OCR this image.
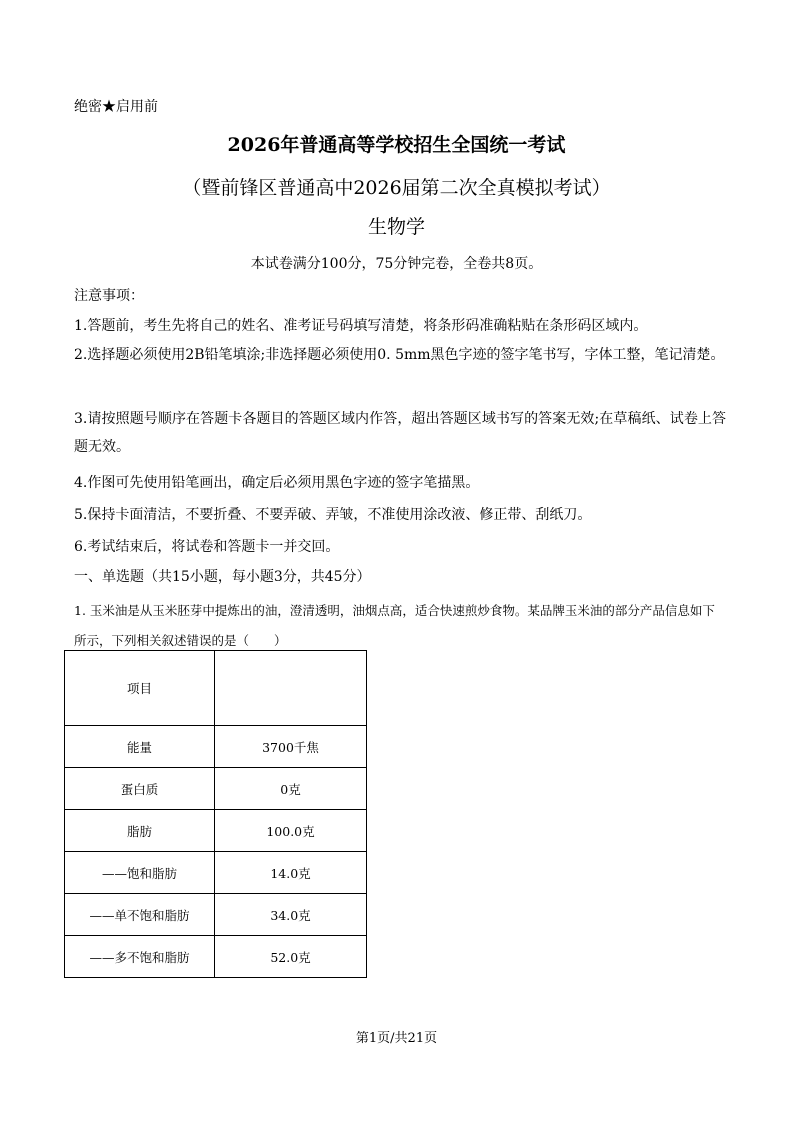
绝密★启用前
2026年普通高等学校招生全国统一考试
（暨前锋区普通高中2026届第二次全真模拟考试）
生物学
本试卷满分100分，75分钟完卷，全卷共8页。
注意事项：
1.答题前，考生先将自己的姓名、准考证号码填写清楚，将条形码准确粘贴在条形码区域内。
2.选择题必须使用2B铅笔填涂;非选择题必须使用0. 5mm黑色字迹的签字笔书写，字体工整，笔记清楚。
3.请按照题号顺序在答题卡各题目的答题区域内作答，超出答题区域书写的答案无效;在草稿纸、试卷上答题无效。
4.作图可先使用铅笔画出，确定后必须用黑色字迹的签字笔描黑。
5.保持卡面清洁，不要折叠、不要弄破、弄皱，不准使用涂改液、修正带、刮纸刀。
6.考试结束后，将试卷和答题卡一并交回。
一、单选题（共15小题，每小题3分，共45分）
1. 玉米油是从玉米胚芽中提炼出的油，澄清透明，油烟点高，适合快速煎炒食物。某品牌玉米油的部分产品信息如下所示，下列相关叙述错误的是（　　）
项目	
能量	3700千焦
蛋白质	0克
脂肪	100.0克
——饱和脂肪	14.0克
——单不饱和脂肪	34.0克
——多不饱和脂肪	52.0克
第1页/共21页
